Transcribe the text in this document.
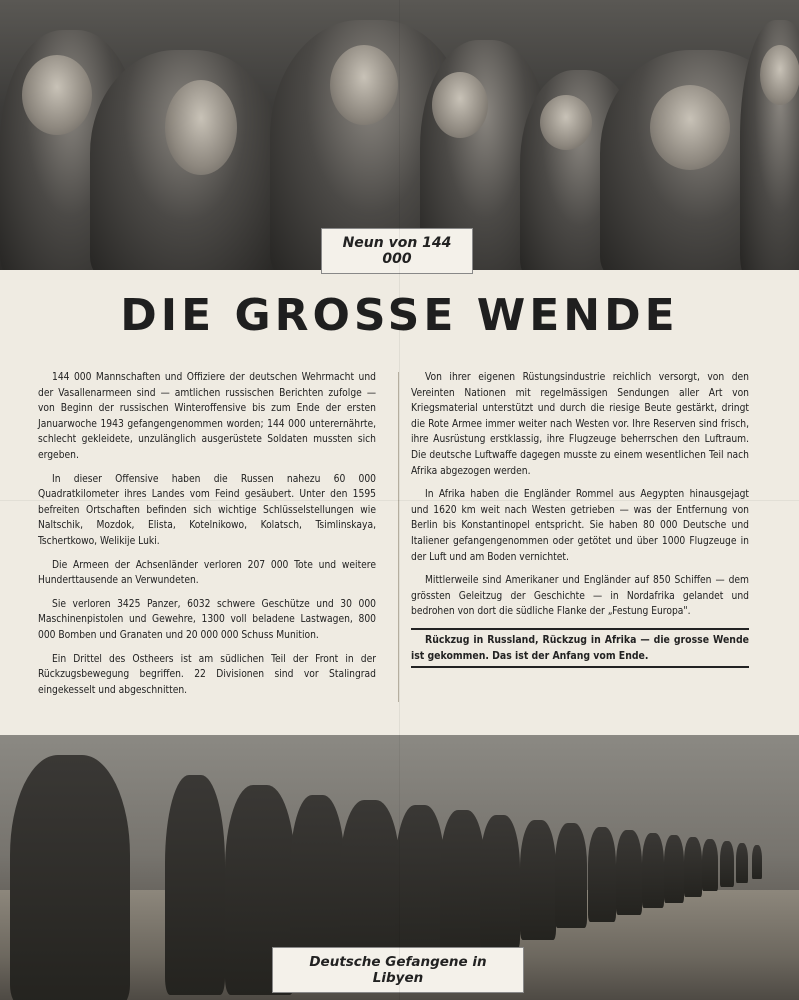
Neun von 144 000
DIE GROSSE WENDE

144 000 Mannschaften und Offiziere der deutschen Wehrmacht und der Vasallenarmeen sind — amtlichen russischen Berichten zufolge — von Beginn der russischen Winteroffensive bis zum Ende der ersten Januarwoche 1943 gefangengenommen worden; 144 000 unterernährte, schlecht gekleidete, unzulänglich ausgerüstete Soldaten mussten sich ergeben.

In dieser Offensive haben die Russen nahezu 60 000 Quadratkilometer ihres Landes vom Feind gesäubert. Unter den 1595 befreiten Ortschaften befinden sich wichtige Schlüsselstellungen wie Naltschik, Mozdok, Elista, Kotelnikowo, Kolatsch, Tsimlinskaya, Tschertkowo, Welikije Luki.

Die Armeen der Achsenländer verloren 207 000 Tote und weitere Hunderttausende an Verwundeten.

Sie verloren 3425 Panzer, 6032 schwere Geschütze und 30 000 Maschinenpistolen und Gewehre, 1300 voll beladene Lastwagen, 800 000 Bomben und Granaten und 20 000 000 Schuss Munition.

Ein Drittel des Ostheers ist am südlichen Teil der Front in der Rückzugsbewegung begriffen. 22 Divisionen sind vor Stalingrad eingekesselt und abgeschnitten.

Von ihrer eigenen Rüstungsindustrie reichlich versorgt, von den Vereinten Nationen mit regelmässigen Sendungen aller Art von Kriegsmaterial unterstützt und durch die riesige Beute gestärkt, dringt die Rote Armee immer weiter nach Westen vor. Ihre Reserven sind frisch, ihre Ausrüstung erstklassig, ihre Flugzeuge beherrschen den Luftraum. Die deutsche Luftwaffe dagegen musste zu einem wesentlichen Teil nach Afrika abgezogen werden.

In Afrika haben die Engländer Rommel aus Aegypten hinausgejagt und 1620 km weit nach Westen getrieben — was der Entfernung von Berlin bis Konstantinopel entspricht. Sie haben 80 000 Deutsche und Italiener gefangengenommen oder getötet und über 1000 Flugzeuge in der Luft und am Boden vernichtet.

Mittlerweile sind Amerikaner und Engländer auf 850 Schiffen — dem grössten Geleitzug der Geschichte — in Nordafrika gelandet und bedrohen von dort die südliche Flanke der „Festung Europa".

Rückzug in Russland, Rückzug in Afrika — die grosse Wende ist gekommen. Das ist der Anfang vom Ende.
Deutsche Gefangene in Libyen
